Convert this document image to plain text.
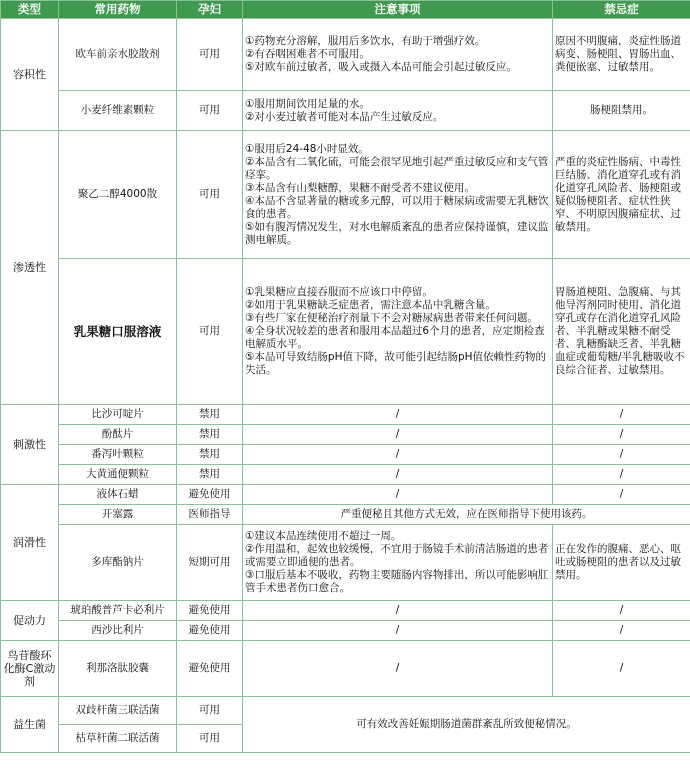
类型	常用药物	孕妇	注意事项	禁忌症
容积性	欧车前亲水胶散剂	可用	①药物充分溶解，服用后多饮水，有助于增强疗效。
②有吞咽困难者不可服用。
⑤对欧车前过敏者，吸入或摄入本品可能会引起过敏反应。	原因不明腹痛，炎症性肠道病变、肠梗阻、胃肠出血、粪便嵌塞、过敏禁用。
	小麦纤维素颗粒	可用	①服用期间饮用足量的水。
②对小麦过敏者可能对本品产生过敏反应。	肠梗阻禁用。
渗透性	聚乙二醇4000散	可用	①服用后24-48小时显效。
②本品含有二氧化硫，可能会很罕见地引起严重过敏反应和支气管痉挛。
③本品含有山梨糖醇，果糖不耐受者不建议使用。
④本品不含显著量的糖或多元醇，可以用于糖尿病或需要无乳糖饮食的患者。
⑤如有腹泻情况发生，对水电解质紊乱的患者应保持谨慎，建议监测电解质。	严重的炎症性肠病、中毒性巨结肠、消化道穿孔或有消化道穿孔风险者、肠梗阻或疑似肠梗阻者、症状性狭窄、不明原因腹痛症状、过敏禁用。
	乳果糖口服溶液	可用	①乳果糖应直接吞服而不应该口中停留。
②如用于乳果糖缺乏症患者，需注意本品中乳糖含量。
③有些厂家在便秘治疗剂量下不会对糖尿病患者带来任何问题。
④全身状况较差的患者和服用本品超过6个月的患者，应定期检查电解质水平。
⑤本品可导致结肠pH值下降，故可能引起结肠pH值依赖性药物的失活。	胃肠道梗阻、急腹痛、与其他导泻剂同时使用、消化道穿孔或存在消化道穿孔风险者、半乳糖或果糖不耐受者、乳糖酶缺乏者、半乳糖血症或葡萄糖/半乳糖吸收不良综合征者、过敏禁用。
刺激性	比沙可啶片	禁用	/	/
	酚酞片	禁用	/	/
	番泻叶颗粒	禁用	/	/
	大黄通便颗粒	禁用	/	/
润滑性	液体石蜡	避免使用	/	/
	开塞露	医师指导	严重便秘且其他方式无效，应在医师指导下使用该药。	
	多库酯钠片	短期可用	①建议本品连续使用不超过一周。
②作用温和，起效也较缓慢，不宜用于肠镜手术前清洁肠道的患者或需要立即通便的患者。
③口服后基本不吸收，药物主要随肠内容物排出，所以可能影响肛管手术患者伤口愈合。	正在发作的腹痛、恶心、呕吐或肠梗阻的患者以及过敏禁用。
促动力	琥珀酸普芦卡必利片	避免使用	/	/
	西沙比利片	避免使用	/	/
鸟苷酸环化酶C激动剂	利那洛肽胶囊	避免使用	/	/
益生菌	双歧杆菌三联活菌	可用	可有效改善妊娠期肠道菌群紊乱所致便秘情况。	
	枯草杆菌二联活菌	可用		
